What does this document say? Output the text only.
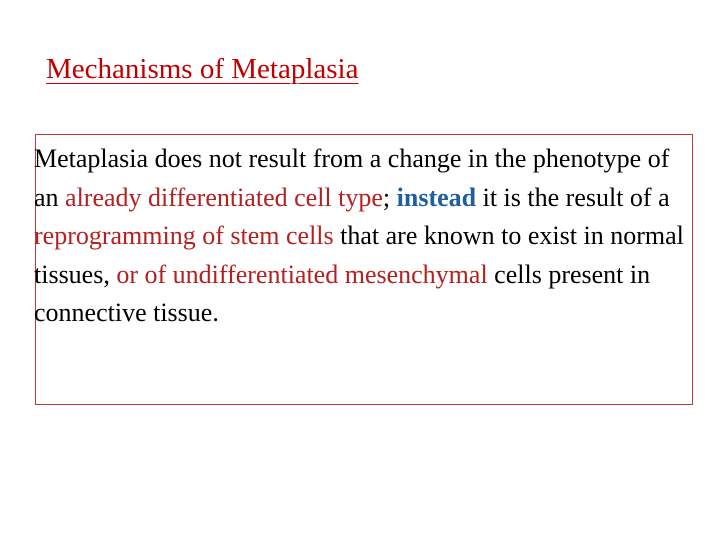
Mechanisms of Metaplasia

Metaplasia does not result from a change in the phenotype of an already differentiated cell type; instead it is the result of a reprogramming of stem cells that are known to exist in normal tissues, or of undifferentiated mesenchymal cells present in connective tissue.
